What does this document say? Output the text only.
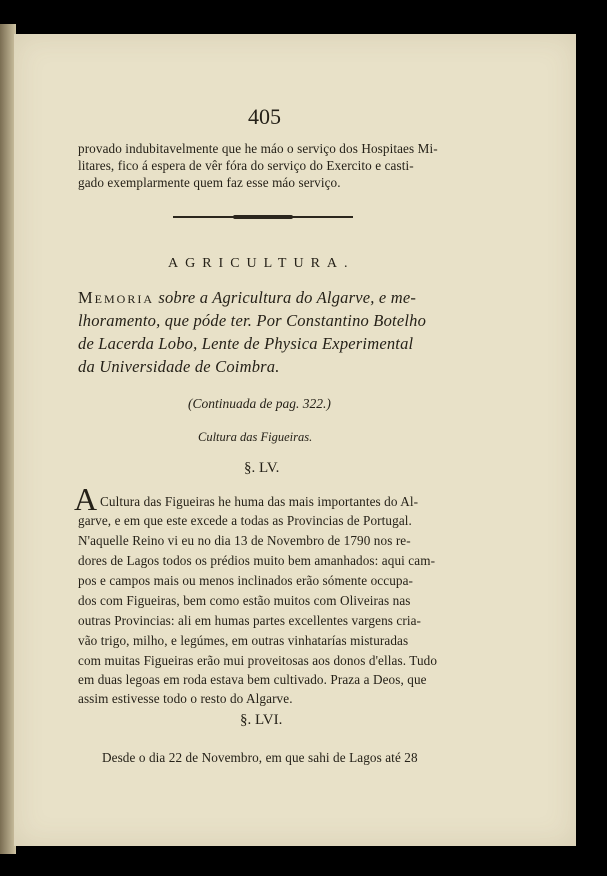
405
provado indubitavelmente que he máo o serviço dos Hospitaes Mi-
litares, fico á espera de vêr fóra do serviço do Exercito e casti-
gado exemplarmente quem faz esse máo serviço.
AGRICULTURA.
Memoria sobre a Agricultura do Algarve, e me-
lhoramento, que póde ter. Por Constantino Botelho
de Lacerda Lobo, Lente de Physica Experimental
da Universidade de Coimbra.
(Continuada de pag. 322.)
Cultura das Figueiras.
§. LV.
A Cultura das Figueiras he huma das mais importantes do Al-
garve, e em que este excede a todas as Provincias de Portugal.
N'aquelle Reino vi eu no dia 13 de Novembro de 1790 nos re-
dores de Lagos todos os prédios muito bem amanhados: aqui cam-
pos e campos mais ou menos inclinados erão sómente occupa-
dos com Figueiras, bem como estão muitos com Oliveiras nas
outras Provincias: ali em humas partes excellentes vargens cria-
vão trigo, milho, e legúmes, em outras vinhatarías misturadas
com muitas Figueiras erão mui proveitosas aos donos d'ellas. Tudo
em duas legoas em roda estava bem cultivado. Praza a Deos, que
assim estivesse todo o resto do Algarve.
§. LVI.
Desde o dia 22 de Novembro, em que sahi de Lagos até 28
